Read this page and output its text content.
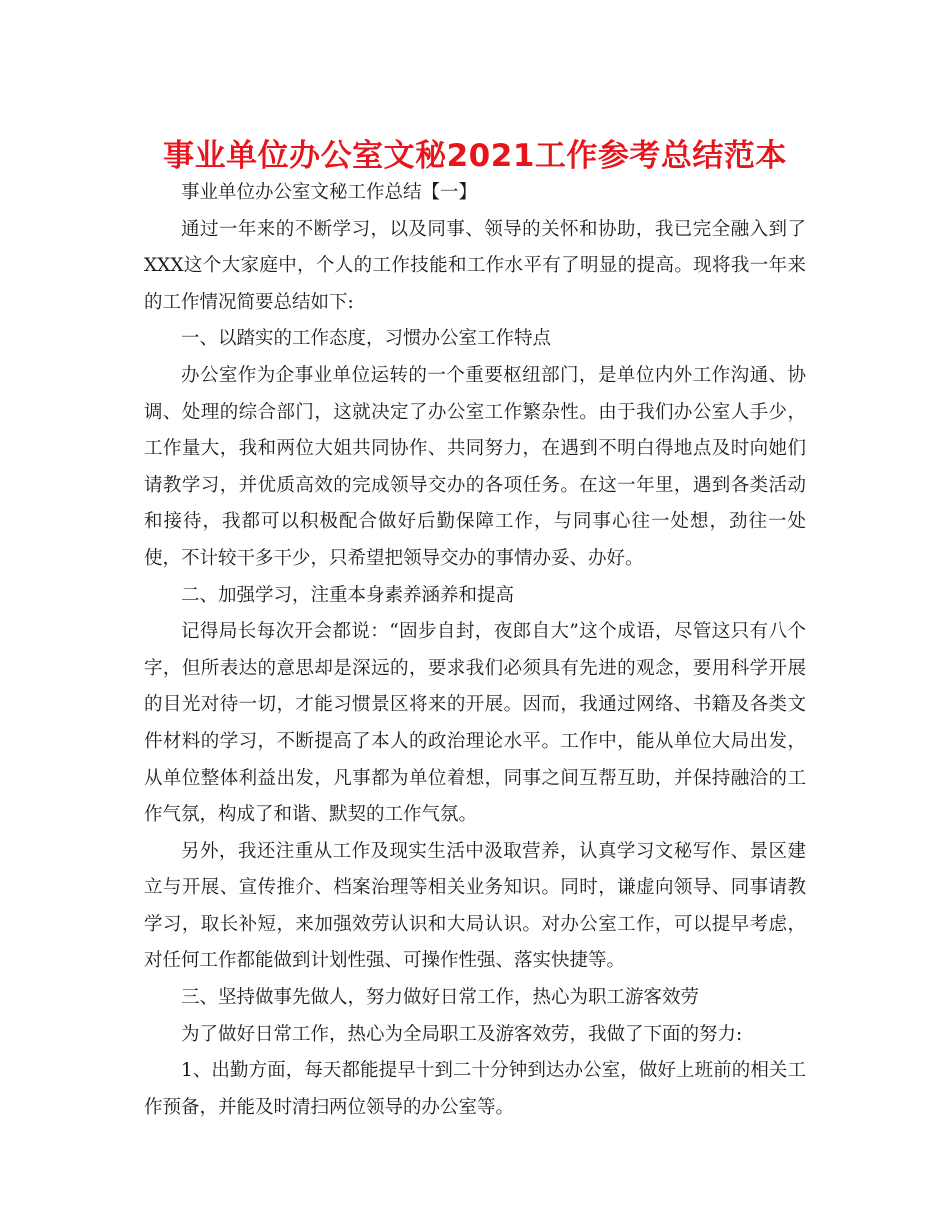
事业单位办公室文秘2021工作参考总结范本

事业单位办公室文秘工作总结【一】

通过一年来的不断学习，以及同事、领导的关怀和协助，我已完全融入到了XXX这个大家庭中，个人的工作技能和工作水平有了明显的提高。现将我一年来的工作情况简要总结如下:

一、以踏实的工作态度，习惯办公室工作特点

办公室作为企事业单位运转的一个重要枢纽部门，是单位内外工作沟通、协调、处理的综合部门，这就决定了办公室工作繁杂性。由于我们办公室人手少，工作量大，我和两位大姐共同协作、共同努力，在遇到不明白得地点及时向她们请教学习，并优质高效的完成领导交办的各项任务。在这一年里，遇到各类活动和接待，我都可以积极配合做好后勤保障工作，与同事心往一处想，劲往一处使，不计较干多干少，只希望把领导交办的事情办妥、办好。

二、加强学习，注重本身素养涵养和提高

记得局长每次开会都说：“固步自封，夜郎自大”这个成语，尽管这只有八个字，但所表达的意思却是深远的，要求我们必须具有先进的观念，要用科学开展的目光对待一切，才能习惯景区将来的开展。因而，我通过网络、书籍及各类文件材料的学习，不断提高了本人的政治理论水平。工作中，能从单位大局出发，从单位整体利益出发，凡事都为单位着想，同事之间互帮互助，并保持融洽的工作气氛，构成了和谐、默契的工作气氛。

另外，我还注重从工作及现实生活中汲取营养，认真学习文秘写作、景区建立与开展、宣传推介、档案治理等相关业务知识。同时，谦虚向领导、同事请教学习，取长补短，来加强效劳认识和大局认识。对办公室工作，可以提早考虑，对任何工作都能做到计划性强、可操作性强、落实快捷等。

三、坚持做事先做人，努力做好日常工作，热心为职工游客效劳

为了做好日常工作，热心为全局职工及游客效劳，我做了下面的努力:

1、出勤方面，每天都能提早十到二十分钟到达办公室，做好上班前的相关工作预备，并能及时清扫两位领导的办公室等。
